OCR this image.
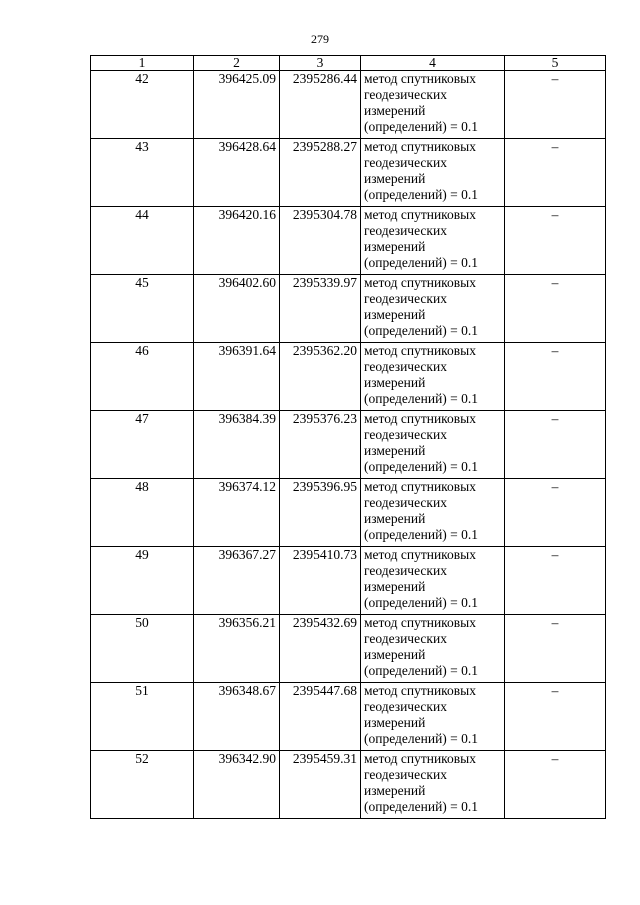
279
1	2	3	4	5
42	396425.09	2395286.44	метод спутниковых
геодезических
измерений
(определений) = 0.1	–
43	396428.64	2395288.27	метод спутниковых
геодезических
измерений
(определений) = 0.1	–
44	396420.16	2395304.78	метод спутниковых
геодезических
измерений
(определений) = 0.1	–
45	396402.60	2395339.97	метод спутниковых
геодезических
измерений
(определений) = 0.1	–
46	396391.64	2395362.20	метод спутниковых
геодезических
измерений
(определений) = 0.1	–
47	396384.39	2395376.23	метод спутниковых
геодезических
измерений
(определений) = 0.1	–
48	396374.12	2395396.95	метод спутниковых
геодезических
измерений
(определений) = 0.1	–
49	396367.27	2395410.73	метод спутниковых
геодезических
измерений
(определений) = 0.1	–
50	396356.21	2395432.69	метод спутниковых
геодезических
измерений
(определений) = 0.1	–
51	396348.67	2395447.68	метод спутниковых
геодезических
измерений
(определений) = 0.1	–
52	396342.90	2395459.31	метод спутниковых
геодезических
измерений
(определений) = 0.1	–
